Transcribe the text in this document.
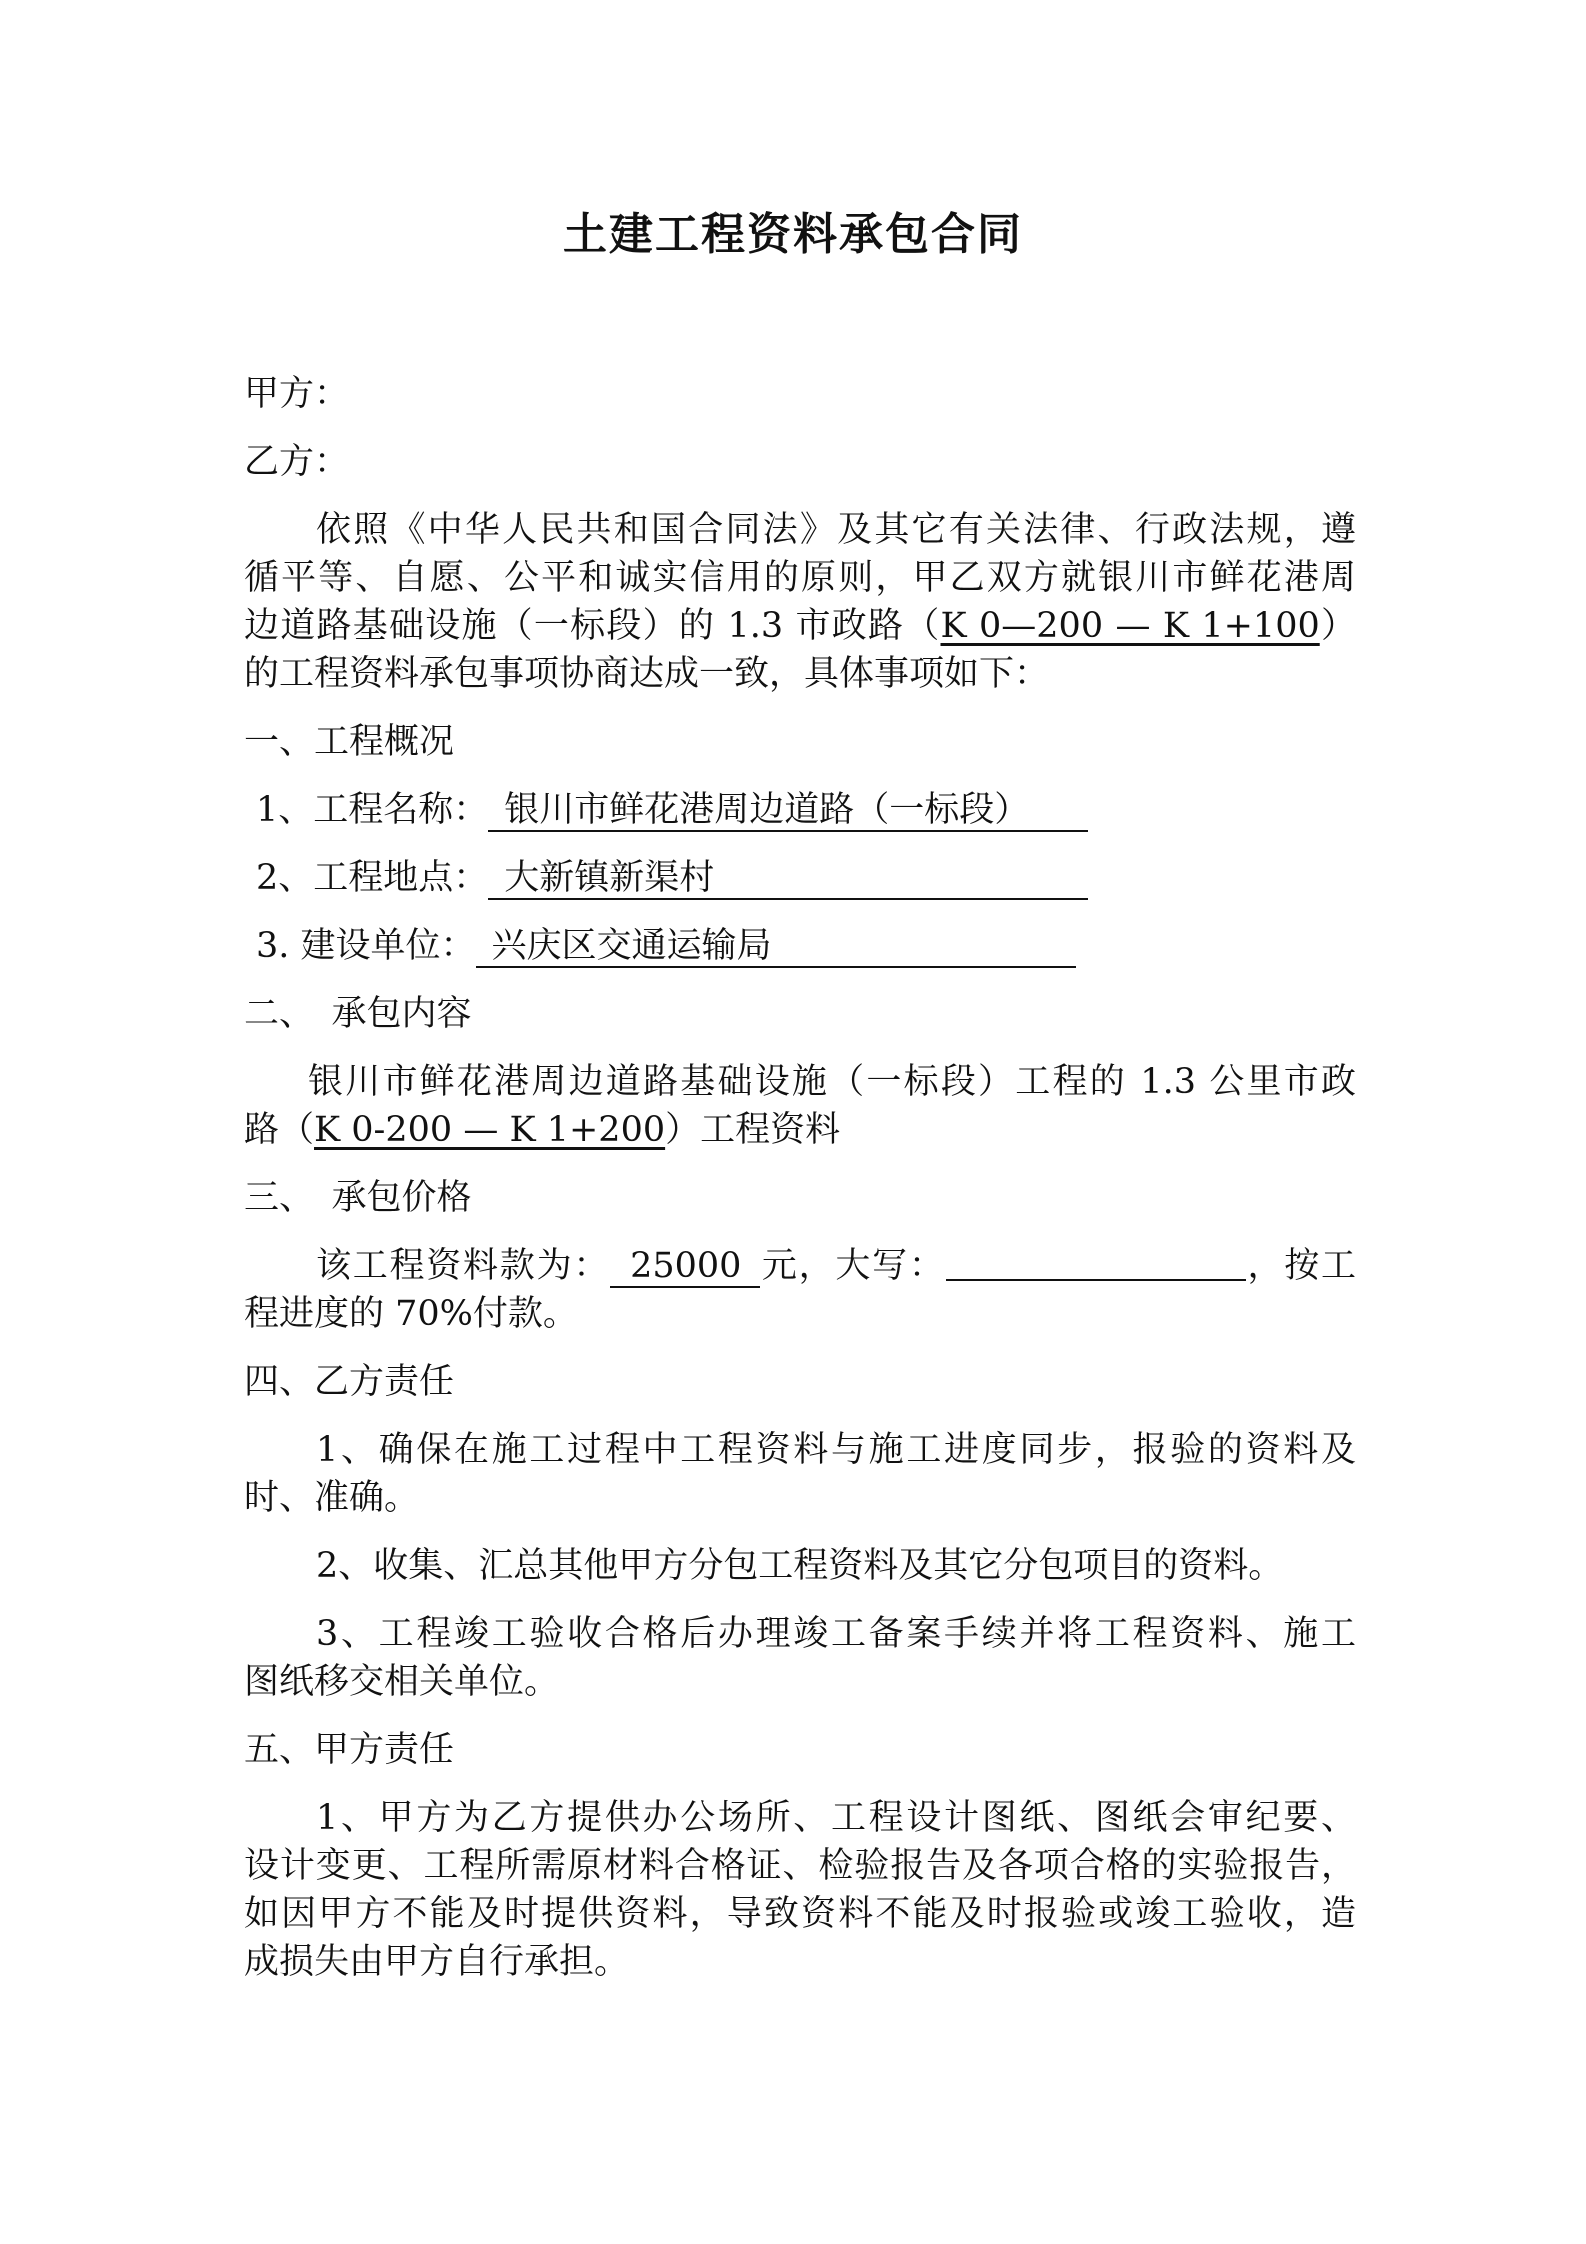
土建工程资料承包合同
甲方：
乙方：
依照《中华人民共和国合同法》及其它有关法律、行政法规，遵
循平等、自愿、公平和诚实信用的原则，甲乙双方就银川市鲜花港周
边道路基础设施（一标段）的 1.3 市政路（K 0—200 — K 1+100）
的工程资料承包事项协商达成一致，具体事项如下：
一、工程概况
1、工程名称： 银川市鲜花港周边道路（一标段）
2、工程地点： 大新镇新渠村
3. 建设单位： 兴庆区交通运输局
二、　承包内容
银川市鲜花港周边道路基础设施（一标段）工程的 1.3 公里市政
路（K 0-200 — K 1+200）工程资料
三、　承包价格
该工程资料款为： 25000 元，大写：	，按工
程进度的 70%付款。
四、乙方责任
1、确保在施工过程中工程资料与施工进度同步，报验的资料及
时、准确。
2、收集、汇总其他甲方分包工程资料及其它分包项目的资料。
3、工程竣工验收合格后办理竣工备案手续并将工程资料、施工
图纸移交相关单位。
五、甲方责任
1、甲方为乙方提供办公场所、工程设计图纸、图纸会审纪要、
设计变更、工程所需原材料合格证、检验报告及各项合格的实验报告，
如因甲方不能及时提供资料，导致资料不能及时报验或竣工验收，造
成损失由甲方自行承担。
